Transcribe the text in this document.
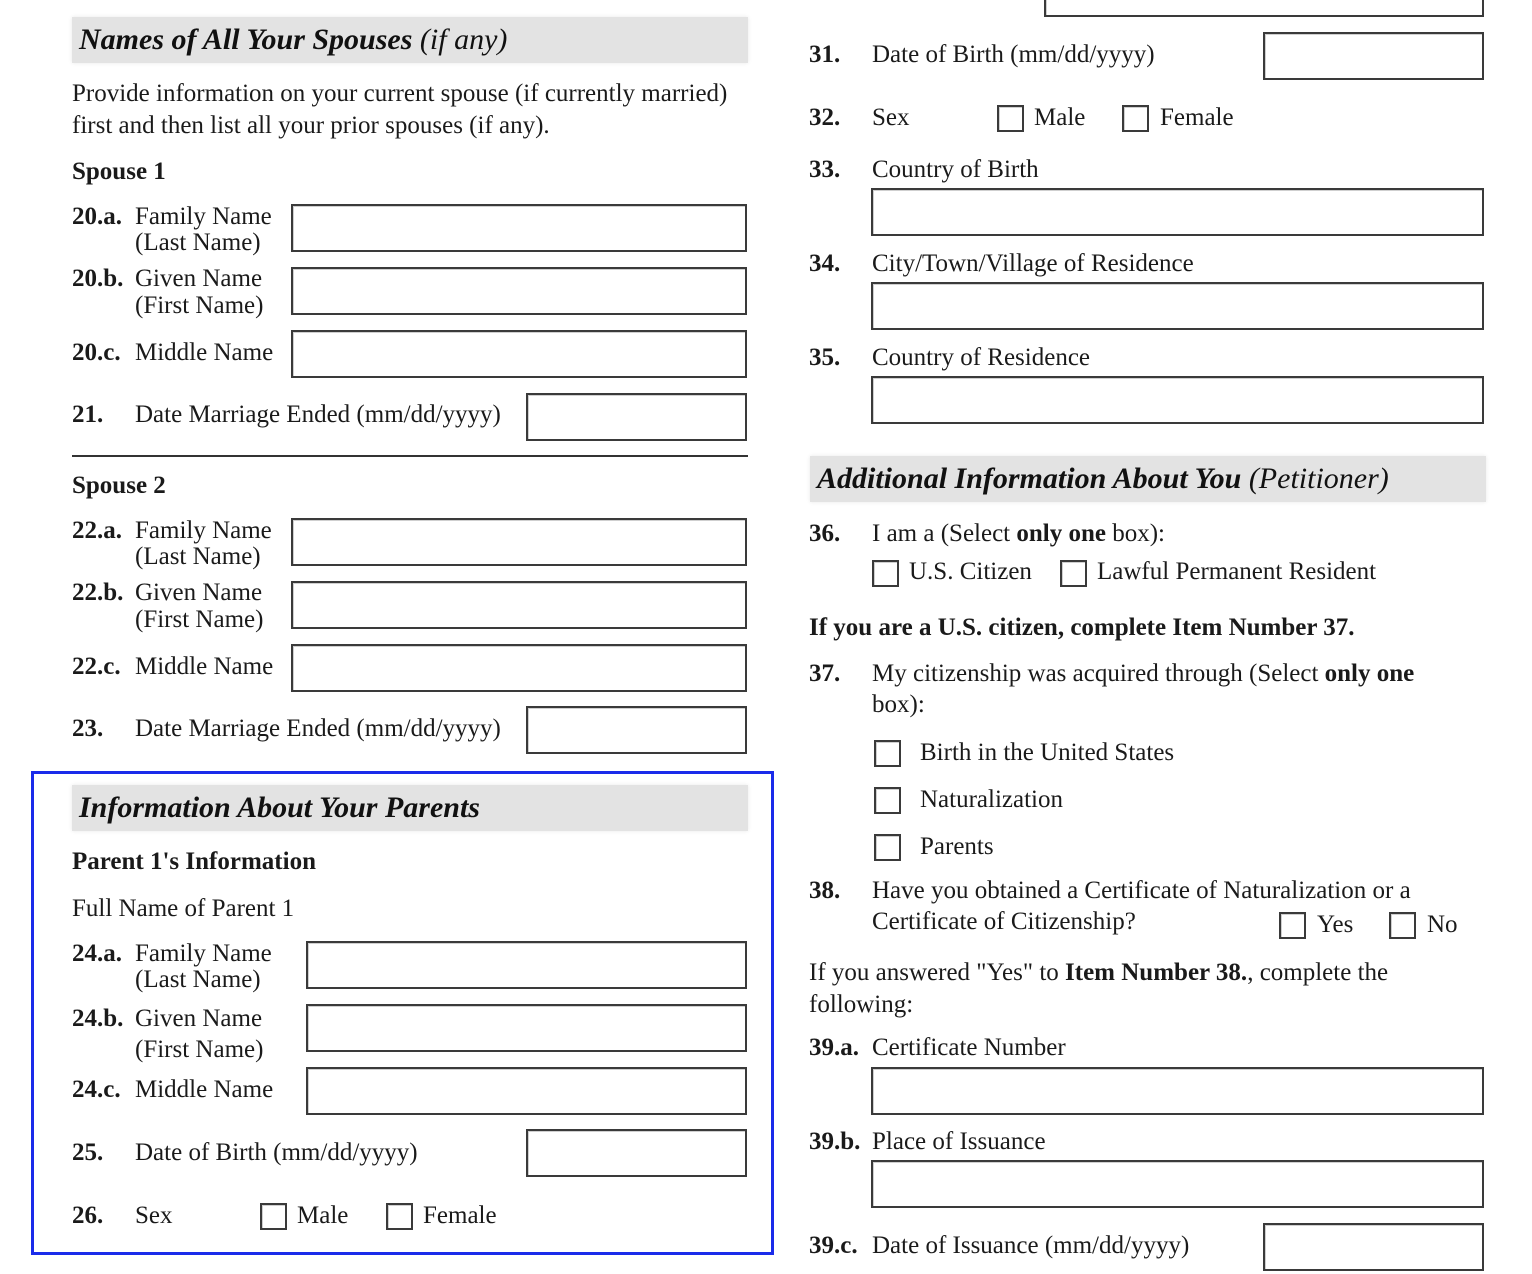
Names of All Your Spouses (if any)
Provide information on your current spouse (if currently married)
first and then list all your prior spouses (if any).
Spouse 1
20.a. Family Name
(Last Name)
20.b. Given Name
(First Name)
20.c. Middle Name
21. Date Marriage Ended (mm/dd/yyyy)
Spouse 2
22.a. Family Name
(Last Name)
22.b. Given Name
(First Name)
22.c. Middle Name
23. Date Marriage Ended (mm/dd/yyyy)
Information About Your Parents
Parent 1's Information
Full Name of Parent 1
24.a. Family Name
(Last Name)
24.b. Given Name
(First Name)
24.c. Middle Name
25. Date of Birth (mm/dd/yyyy)
26. Sex	Male	Female
31. Date of Birth (mm/dd/yyyy)
32. Sex	Male	Female
33. Country of Birth
34. City/Town/Village of Residence
35. Country of Residence
Additional Information About You (Petitioner)
36. I am a (Select only one box):
U.S. Citizen	Lawful Permanent Resident
If you are a U.S. citizen, complete Item Number 37.
37. My citizenship was acquired through (Select only one
box):
Birth in the United States
Naturalization
Parents
38. Have you obtained a Certificate of Naturalization or a
Certificate of Citizenship?	Yes	No
If you answered "Yes" to Item Number 38., complete the
following:
39.a. Certificate Number
39.b. Place of Issuance
39.c. Date of Issuance (mm/dd/yyyy)
